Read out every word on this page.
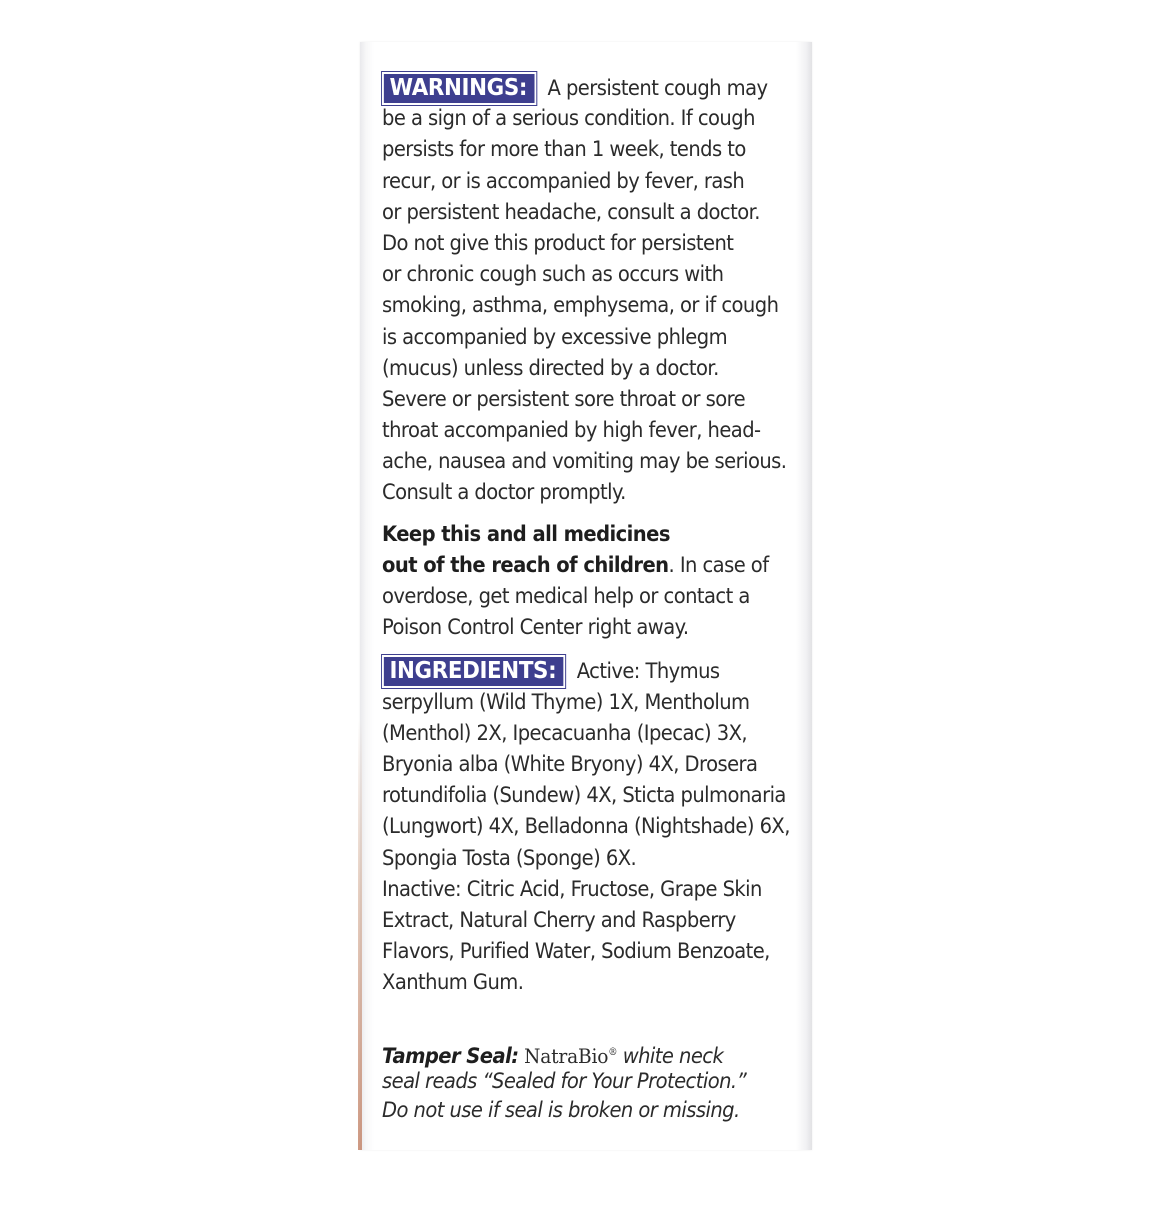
WARNINGS: A persistent cough may
be a sign of a serious condition. If cough
persists for more than 1 week, tends to
recur, or is accompanied by fever, rash
or persistent headache, consult a doctor.
Do not give this product for persistent
or chronic cough such as occurs with
smoking, asthma, emphysema, or if cough
is accompanied by excessive phlegm
(mucus) unless directed by a doctor.
Severe or persistent sore throat or sore
throat accompanied by high fever, head-
ache, nausea and vomiting may be serious.
Consult a doctor promptly.
Keep this and all medicines
out of the reach of children. In case of
overdose, get medical help or contact a
Poison Control Center right away.
INGREDIENTS: Active: Thymus
serpyllum (Wild Thyme) 1X, Mentholum
(Menthol) 2X, Ipecacuanha (Ipecac) 3X,
Bryonia alba (White Bryony) 4X, Drosera
rotundifolia (Sundew) 4X, Sticta pulmonaria
(Lungwort) 4X, Belladonna (Nightshade) 6X,
Spongia Tosta (Sponge) 6X.
Inactive: Citric Acid, Fructose, Grape Skin
Extract, Natural Cherry and Raspberry
Flavors, Purified Water, Sodium Benzoate,
Xanthum Gum.
Tamper Seal: NatraBio® white neck
seal reads “Sealed for Your Protection.”
Do not use if seal is broken or missing.
